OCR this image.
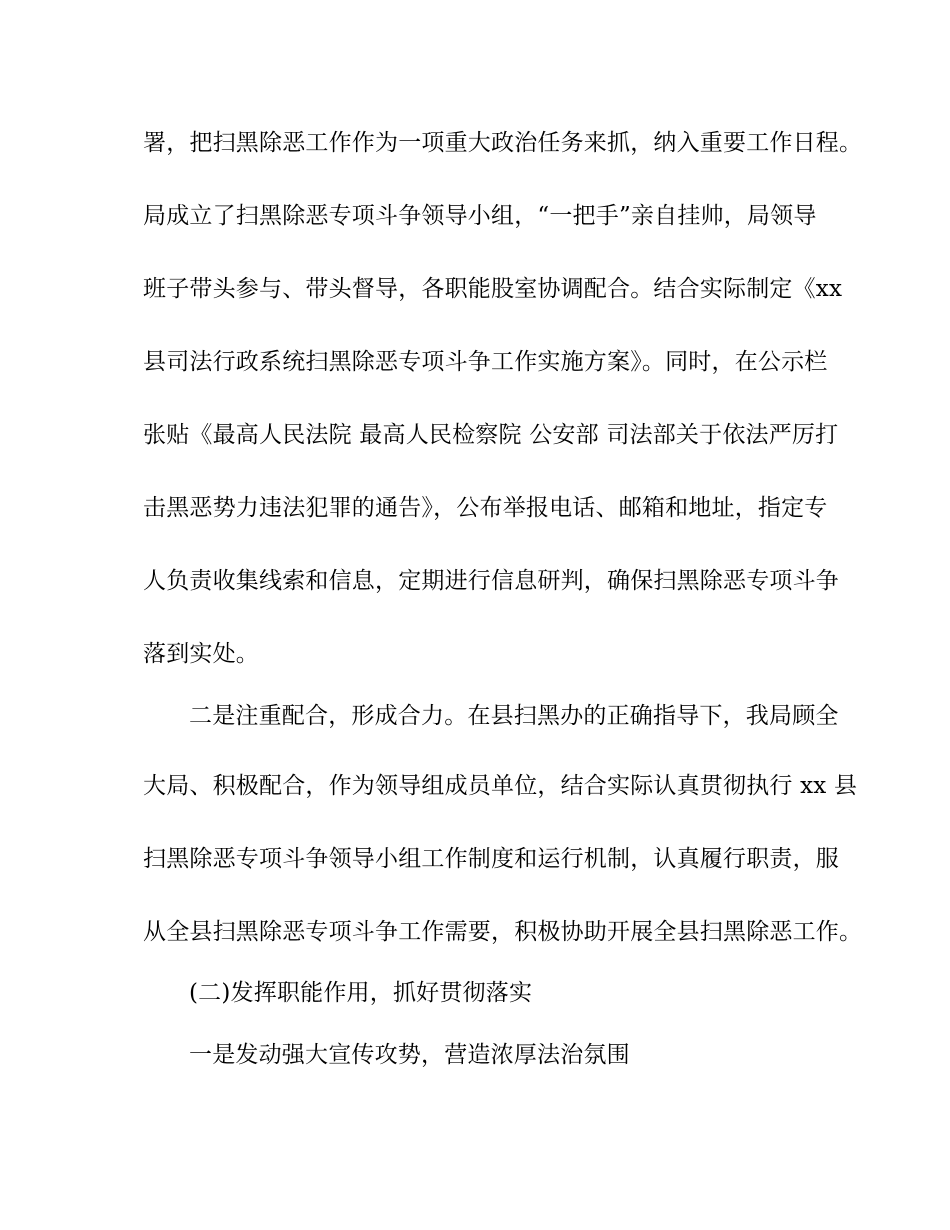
署，把扫黑除恶工作作为一项重大政治任务来抓，纳入重要工作日程。
局成立了扫黑除恶专项斗争领导小组，“一把手”亲自挂帅，局领导
班子带头参与、带头督导，各职能股室协调配合。结合实际制定《xx
县司法行政系统扫黑除恶专项斗争工作实施方案》。同时，在公示栏
张贴《最高人民法院 最高人民检察院 公安部 司法部关于依法严厉打
击黑恶势力违法犯罪的通告》，公布举报电话、邮箱和地址，指定专
人负责收集线索和信息，定期进行信息研判，确保扫黑除恶专项斗争
落到实处。
二是注重配合，形成合力。在县扫黑办的正确指导下，我局顾全
大局、积极配合，作为领导组成员单位，结合实际认真贯彻执行 xx 县
扫黑除恶专项斗争领导小组工作制度和运行机制，认真履行职责，服
从全县扫黑除恶专项斗争工作需要，积极协助开展全县扫黑除恶工作。
(二)发挥职能作用，抓好贯彻落实
一是发动强大宣传攻势，营造浓厚法治氛围
